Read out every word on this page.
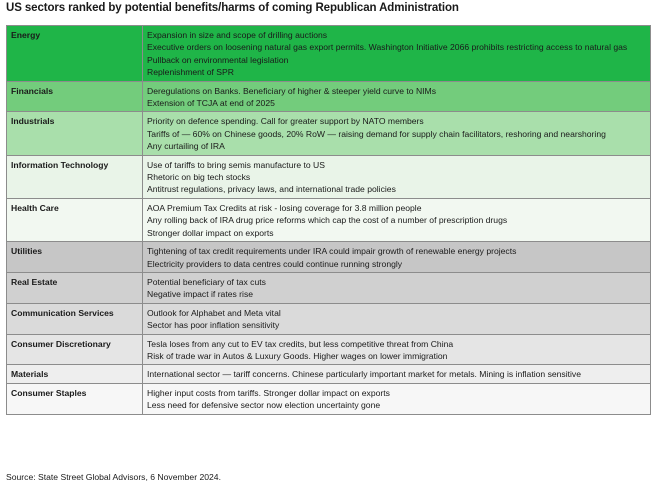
US sectors ranked by potential benefits/harms of coming Republican Administration
Energy	Expansion in size and scope of drilling auctions
Executive orders on loosening natural gas export permits. Washington Initiative 2066 prohibits restricting access to natural gas
Pullback on environmental legislation
Replenishment of SPR

Financials	Deregulations on Banks. Beneficiary of higher & steeper yield curve to NIMs
Extension of TCJA at end of 2025

Industrials	Priority on defence spending. Call for greater support by NATO members
Tariffs of — 60% on Chinese goods, 20% RoW — raising demand for supply chain facilitators, reshoring and nearshoring
Any curtailing of IRA

Information Technology	Use of tariffs to bring semis manufacture to US
Rhetoric on big tech stocks
Antitrust regulations, privacy laws, and international trade policies

Health Care	AOA Premium Tax Credits at risk - losing coverage for 3.8 million people
Any rolling back of IRA drug price reforms which cap the cost of a number of prescription drugs
Stronger dollar impact on exports

Utilities	Tightening of tax credit requirements under IRA could impair growth of renewable energy projects
Electricity providers to data centres could continue running strongly

Real Estate	Potential beneficiary of tax cuts
Negative impact if rates rise

Communication Services	Outlook for Alphabet and Meta vital
Sector has poor inflation sensitivity

Consumer Discretionary	Tesla loses from any cut to EV tax credits, but less competitive threat from China
Risk of trade war in Autos & Luxury Goods. Higher wages on lower immigration

Materials	International sector — tariff concerns. Chinese particularly important market for metals. Mining is inflation sensitive

Consumer Staples	Higher input costs from tariffs. Stronger dollar impact on exports
Less need for defensive sector now election uncertainty gone
Source: State Street Global Advisors, 6 November 2024.
